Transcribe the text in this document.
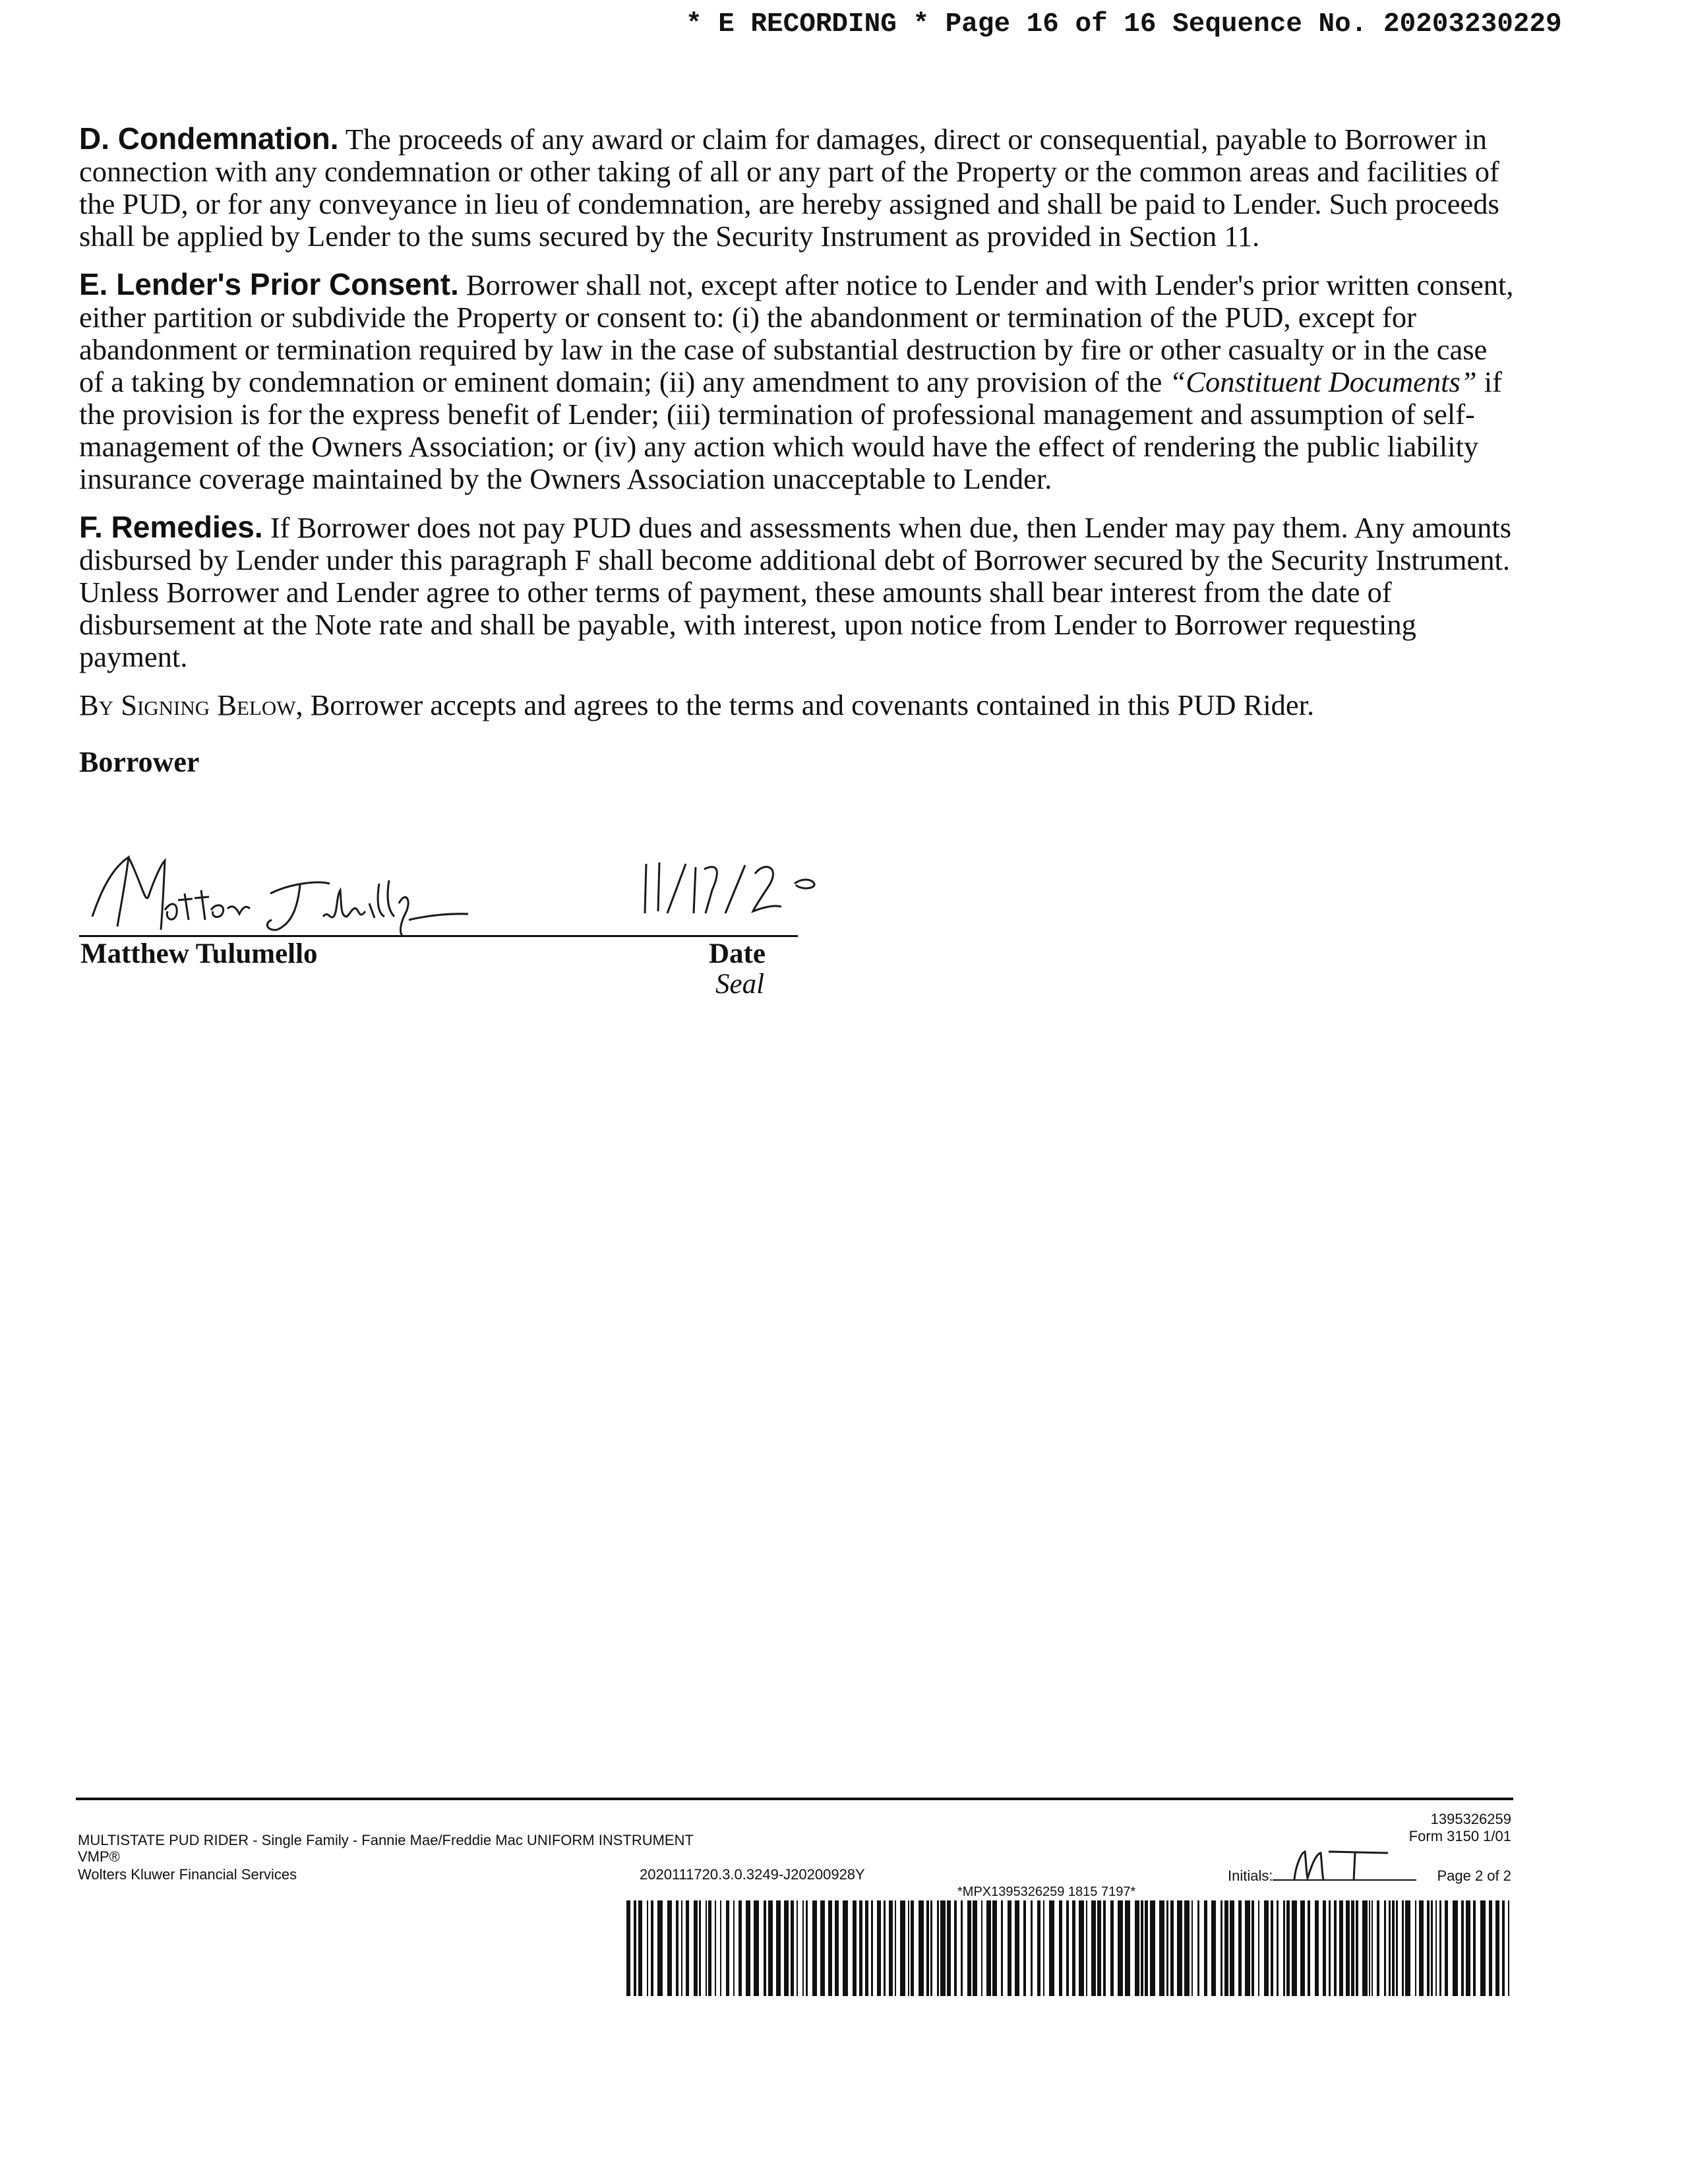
* E RECORDING * Page 16 of 16 Sequence No. 20203230229

D. Condemnation. The proceeds of any award or claim for damages, direct or consequential, payable to Borrower in connection with any condemnation or other taking of all or any part of the Property or the common areas and facilities of the PUD, or for any conveyance in lieu of condemnation, are hereby assigned and shall be paid to Lender. Such proceeds shall be applied by Lender to the sums secured by the Security Instrument as provided in Section 11.

E. Lender's Prior Consent. Borrower shall not, except after notice to Lender and with Lender's prior written consent, either partition or subdivide the Property or consent to: (i) the abandonment or termination of the PUD, except for abandonment or termination required by law in the case of substantial destruction by fire or other casualty or in the case of a taking by condemnation or eminent domain; (ii) any amendment to any provision of the “Constituent Documents” if the provision is for the express benefit of Lender; (iii) termination of professional management and assumption of self-management of the Owners Association; or (iv) any action which would have the effect of rendering the public liability insurance coverage maintained by the Owners Association unacceptable to Lender.

F. Remedies. If Borrower does not pay PUD dues and assessments when due, then Lender may pay them. Any amounts disbursed by Lender under this paragraph F shall become additional debt of Borrower secured by the Security Instrument. Unless Borrower and Lender agree to other terms of payment, these amounts shall bear interest from the date of disbursement at the Note rate and shall be payable, with interest, upon notice from Lender to Borrower requesting payment.

By Signing Below, Borrower accepts and agrees to the terms and covenants contained in this PUD Rider.

Borrower
Matthew Tulumello	Date
Seal
MULTISTATE PUD RIDER - Single Family - Fannie Mae/Freddie Mac UNIFORM INSTRUMENT
VMP®
Wolters Kluwer Financial Services	2020111720.3.0.3249-J20200928Y
1395326259
Form 3150 1/01
Initials:	Page 2 of 2
*MPX1395326259 1815 7197*
